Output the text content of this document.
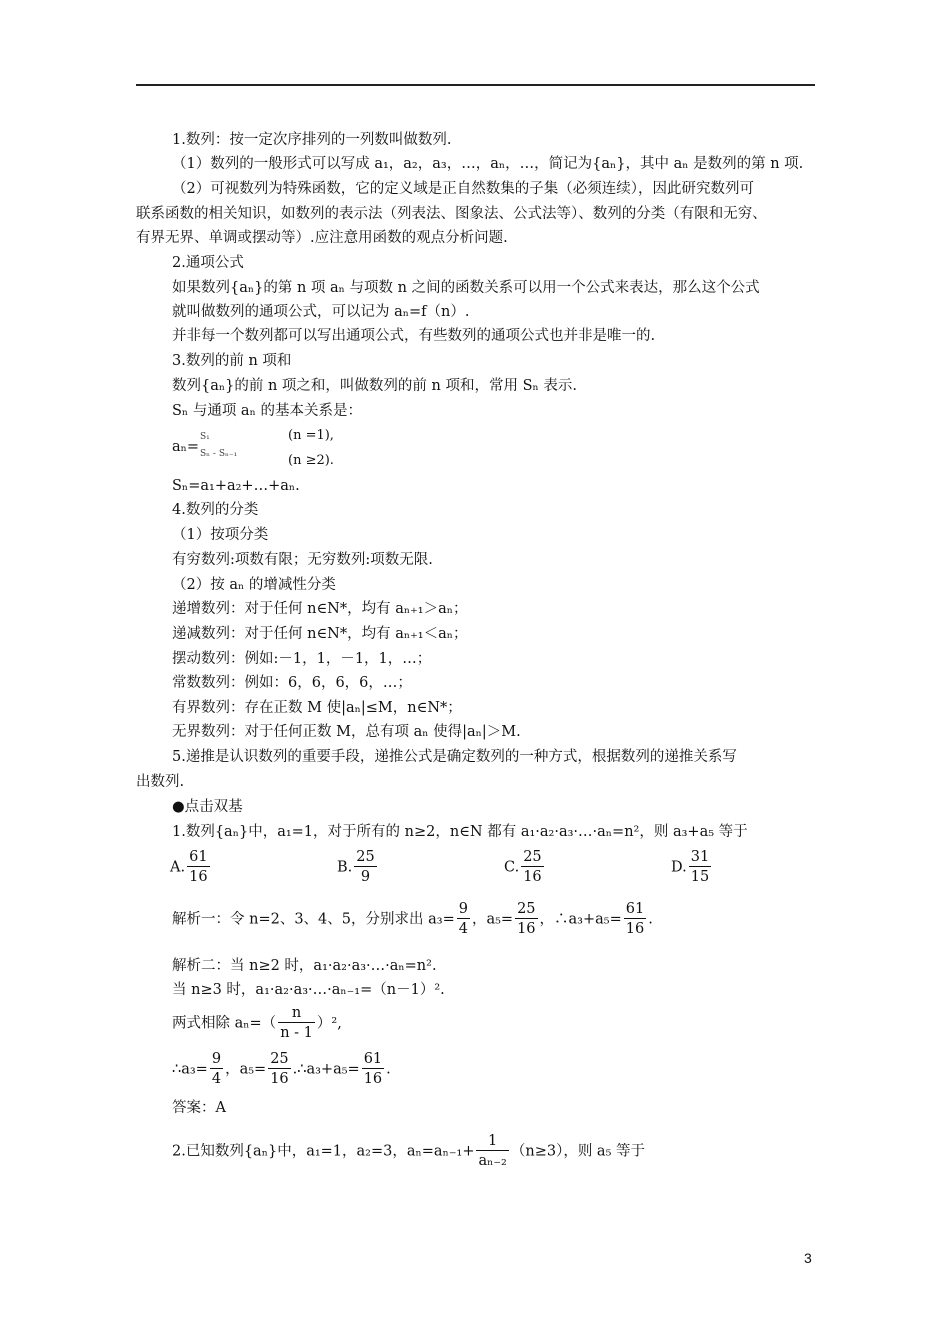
1.数列：按一定次序排列的一列数叫做数列.
（1）数列的一般形式可以写成 a₁，a₂，a₃，…，aₙ，…，简记为{aₙ}，其中 aₙ 是数列的第 n 项.
（2）可视数列为特殊函数，它的定义域是正自然数集的子集（必须连续），因此研究数列可
联系函数的相关知识，如数列的表示法（列表法、图象法、公式法等）、数列的分类（有限和无穷、
有界无界、单调或摆动等）.应注意用函数的观点分析问题.
2.通项公式
如果数列{aₙ}的第 n 项 aₙ 与项数 n 之间的函数关系可以用一个公式来表达，那么这个公式
就叫做数列的通项公式，可以记为 aₙ=f（n）.
并非每一个数列都可以写出通项公式，有些数列的通项公式也并非是唯一的.
3.数列的前 n 项和
数列{aₙ}的前 n 项之和，叫做数列的前 n 项和，常用 Sₙ 表示.
Sₙ 与通项 aₙ 的基本关系是：
aₙ=
S₁
Sₙ - Sₙ₋₁
(n =1),
(n ≥2).
Sₙ=a₁+a₂+…+aₙ.
4.数列的分类
（1）按项分类
有穷数列:项数有限；无穷数列:项数无限.
（2）按 aₙ 的增减性分类
递增数列：对于任何 n∈N*，均有 aₙ₊₁＞aₙ；
递减数列：对于任何 n∈N*，均有 aₙ₊₁＜aₙ；
摆动数列：例如:－1，1，－1，1，…；
常数数列：例如：6，6，6，6，…；
有界数列：存在正数 M 使|aₙ|≤M，n∈N*；
无界数列：对于任何正数 M，总有项 aₙ 使得|aₙ|＞M.
5.递推是认识数列的重要手段，递推公式是确定数列的一种方式，根据数列的递推关系写
出数列.
●点击双基
1.数列{aₙ}中，a₁=1，对于所有的 n≥2，n∈N 都有 a₁·a₂·a₃·…·aₙ=n²，则 a₃+a₅ 等于
A. $\frac{61}{16}$	B. $\frac{25}{9}$	C. $\frac{25}{16}$	D. $\frac{31}{15}$
解析一：令 n=2、3、4、5，分别求出 $a_3= \frac{9}{4}$ ，$a_5= \frac{25}{16}$ ，∴a₃+a₅= $\frac{61}{16}$ .
解析二：当 n≥2 时，a₁·a₂·a₃·…·aₙ=n².
当 n≥3 时，a₁·a₂·a₃·…·aₙ₋₁=（n－1）².
两式相除 $a_n=( \frac{n}{n - 1} )^2$,
∴a₃= $\frac{9}{4}$ ，$a_5= \frac{25}{16}$ .∴a₃+a₅= $\frac{61}{16}$ .
答案：A
2.已知数列{aₙ}中，a₁=1，a₂=3，$a_n=a_{n-1}+ \frac{1}{\text{aₙ₋₂}} (n\ge 3)$，则 a₅ 等于
3
